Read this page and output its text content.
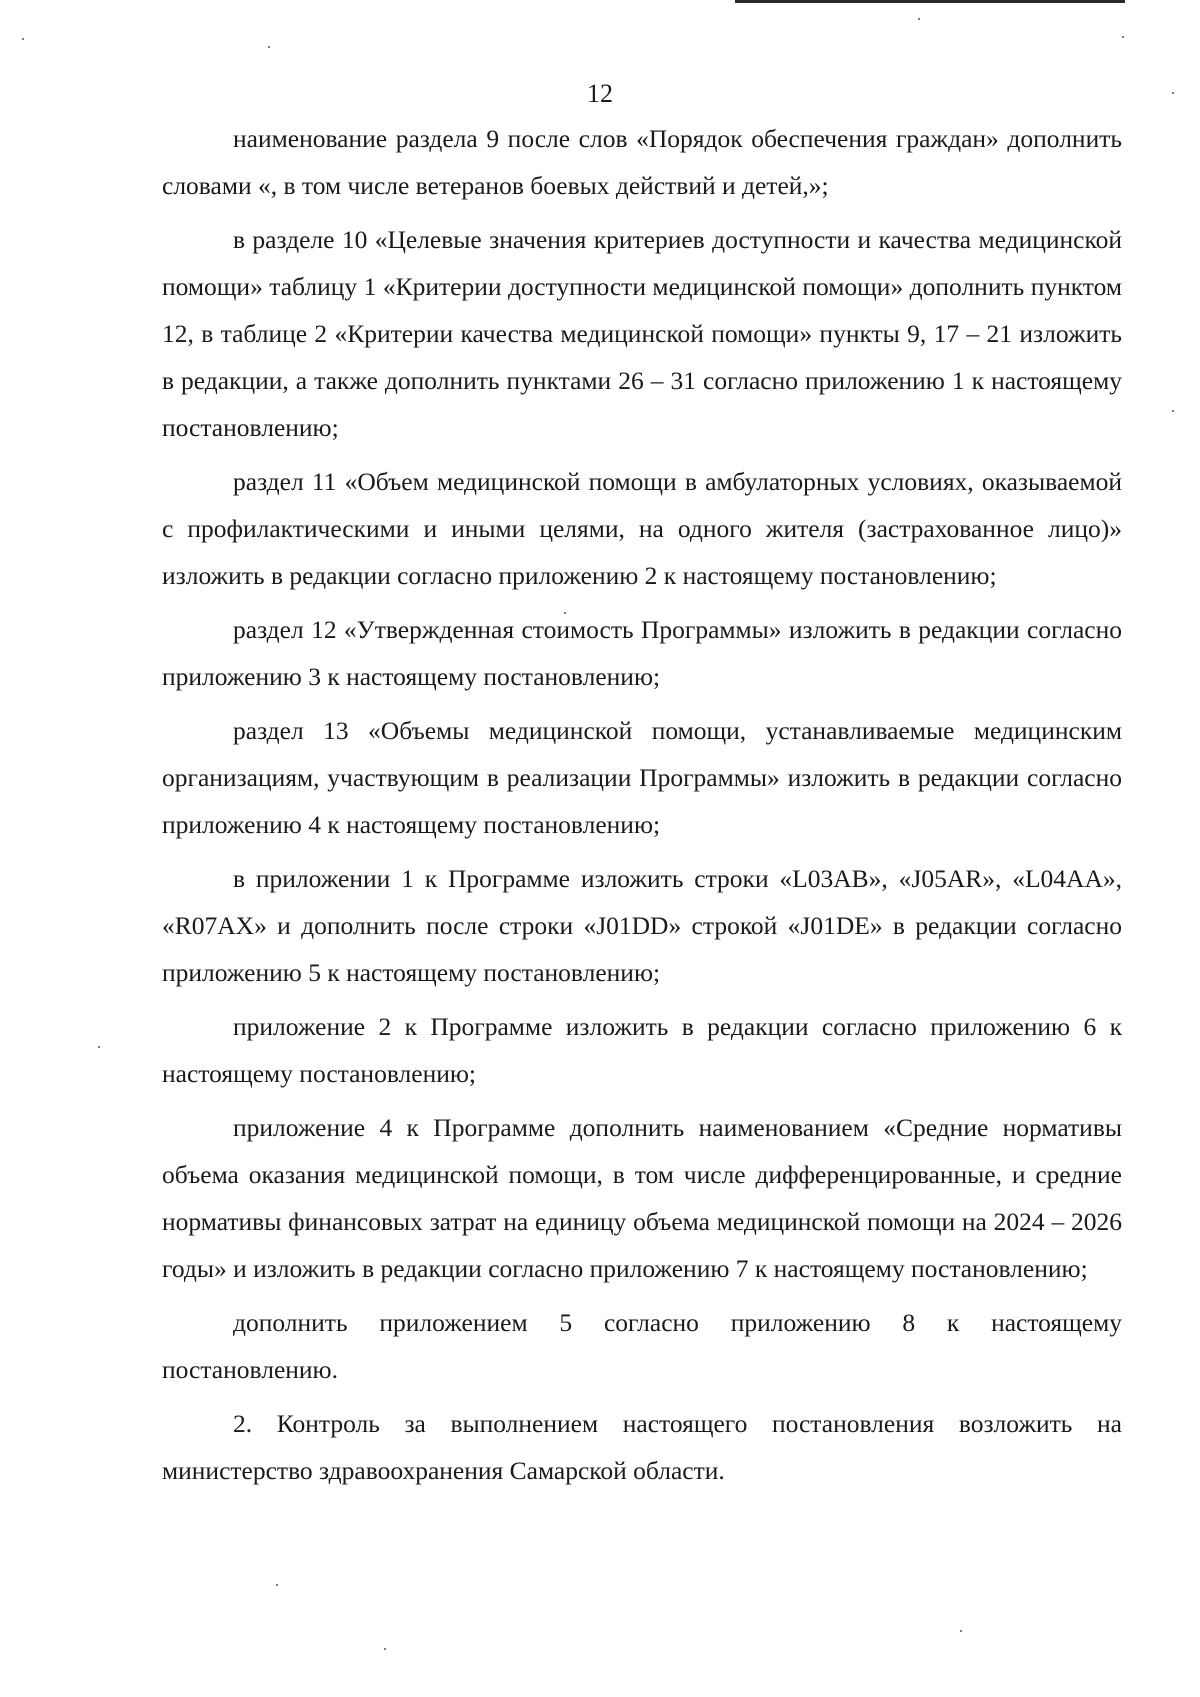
12

наименование раздела 9 после слов «Порядок обеспечения граждан» дополнить словами «, в том числе ветеранов боевых действий и детей,»;

в разделе 10 «Целевые значения критериев доступности и качества медицинской помощи» таблицу 1 «Критерии доступности медицинской помощи» дополнить пунктом 12, в таблице 2 «Критерии качества медицинской помощи» пункты 9, 17 – 21 изложить в редакции, а также дополнить пунктами 26 – 31 согласно приложению 1 к настоящему постановлению;

раздел 11 «Объем медицинской помощи в амбулаторных условиях, оказываемой с профилактическими и иными целями, на одного жителя (застрахованное лицо)» изложить в редакции согласно приложению 2 к настоящему постановлению;

раздел 12 «Утвержденная стоимость Программы» изложить в редакции согласно приложению 3 к настоящему постановлению;

раздел 13 «Объемы медицинской помощи, устанавливаемые медицинским организациям, участвующим в реализации Программы» изложить в редакции согласно приложению 4 к настоящему постановлению;

в приложении 1 к Программе изложить строки «L03AB», «J05AR», «L04AA», «R07AX» и дополнить после строки «J01DD» строкой «J01DE» в редакции согласно приложению 5 к настоящему постановлению;

приложение 2 к Программе изложить в редакции согласно приложению 6 к настоящему постановлению;

приложение 4 к Программе дополнить наименованием «Средние нормативы объема оказания медицинской помощи, в том числе дифференцированные, и средние нормативы финансовых затрат на единицу объема медицинской помощи на 2024 – 2026 годы» и изложить в редакции согласно приложению 7 к настоящему постановлению;

дополнить приложением 5 согласно приложению 8 к настоящему постановлению.

2. Контроль за выполнением настоящего постановления возложить на министерство здравоохранения Самарской области.
